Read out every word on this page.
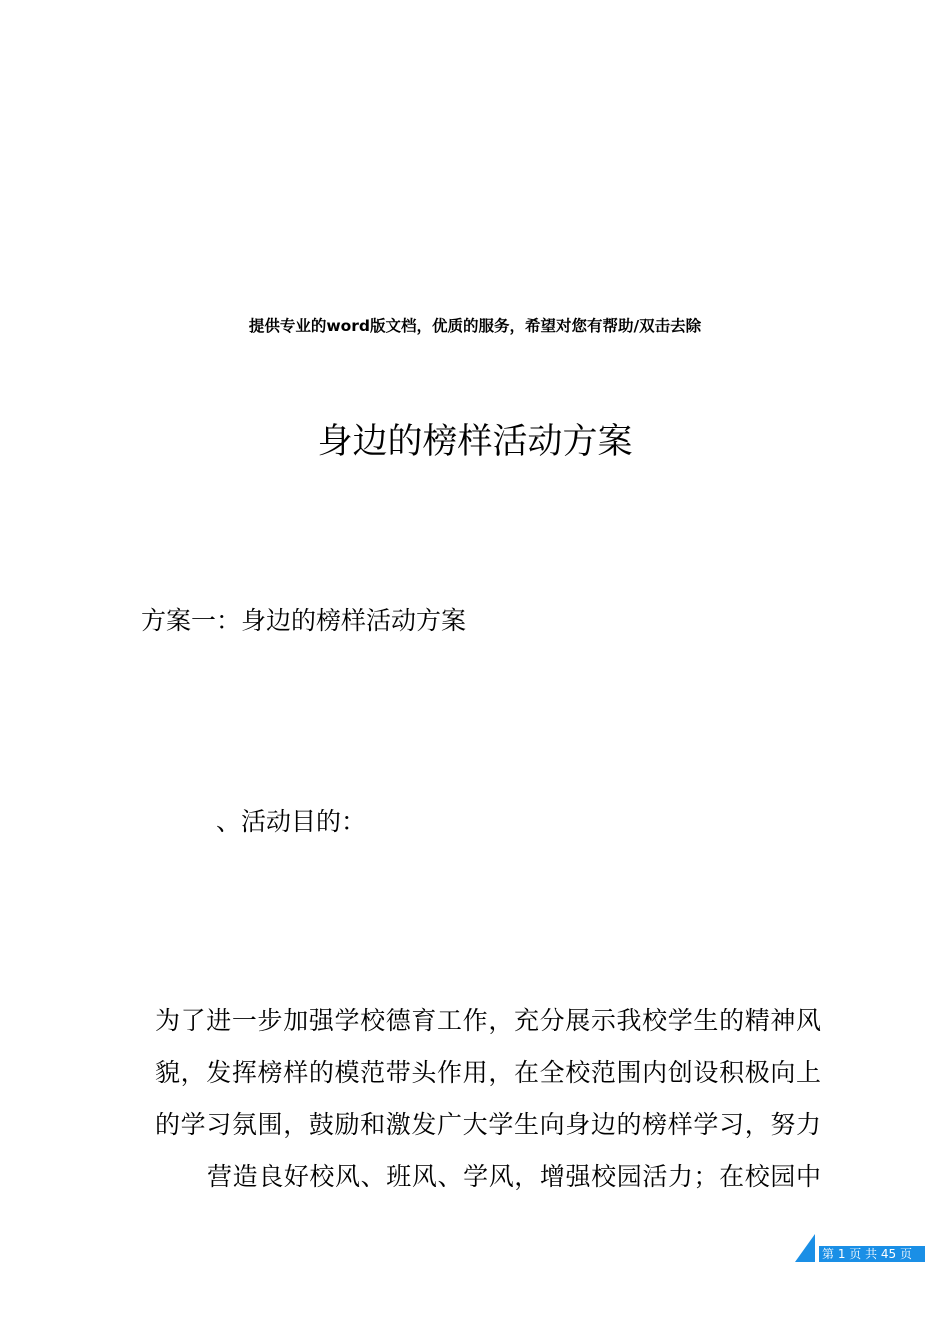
提供专业的word版文档，优质的服务，希望对您有帮助/双击去除
身边的榜样活动方案
方案一：身边的榜样活动方案
、活动目的：

为了进一步加强学校德育工作，充分展示我校学生的精神风
貌，发挥榜样的模范带头作用，在全校范围内创设积极向上
的学习氛围，鼓励和激发广大学生向身边的榜样学习，努力
营造良好校风、班风、学风，增强校园活力；在校园中

第 1 页 共 45 页
